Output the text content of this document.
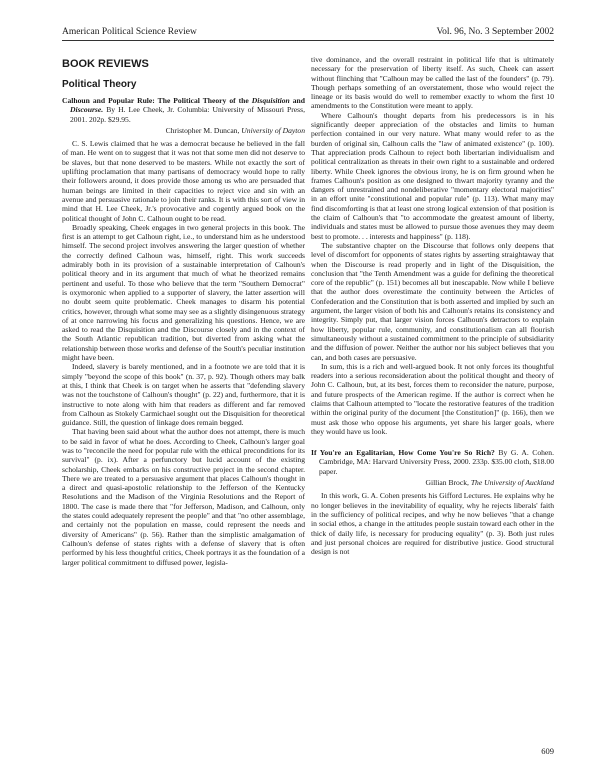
American Political Science Review	Vol. 96, No. 3 September 2002
BOOK REVIEWS
Political Theory
Calhoun and Popular Rule: The Political Theory of the Disquisition and Discourse. By H. Lee Cheek, Jr. Columbia: University of Missouri Press, 2001. 202p. $29.95.
Christopher M. Duncan, University of Dayton

C. S. Lewis claimed that he was a democrat because he believed in the fall of man. He went on to suggest that it was not that some men did not deserve to be slaves, but that none deserved to be masters. While not exactly the sort of uplifting proclamation that many partisans of democracy would hope to rally their followers around, it does provide those among us who are persuaded that human beings are limited in their capacities to reject vice and sin with an avenue and persuasive rationale to join their ranks. It is with this sort of view in mind that H. Lee Cheek, Jr.'s provocative and cogently argued book on the political thought of John C. Calhoun ought to be read.

Broadly speaking, Cheek engages in two general projects in this book. The first is an attempt to get Calhoun right, i.e., to understand him as he understood himself. The second project involves answering the larger question of whether the correctly defined Calhoun was, himself, right. This work succeeds admirably both in its provision of a sustainable interpretation of Calhoun's political theory and in its argument that much of what he theorized remains pertinent and useful. To those who believe that the term "Southern Democrat" is oxymoronic when applied to a supporter of slavery, the latter assertion will no doubt seem quite problematic. Cheek manages to disarm his potential critics, however, through what some may see as a slightly disingenuous strategy of at once narrowing his focus and generalizing his questions. Hence, we are asked to read the Disquisition and the Discourse closely and in the context of the South Atlantic republican tradition, but diverted from asking what the relationship between those works and defense of the South's peculiar institution might have been.

Indeed, slavery is barely mentioned, and in a footnote we are told that it is simply "beyond the scope of this book" (n. 37, p. 92). Though others may balk at this, I think that Cheek is on target when he asserts that "defending slavery was not the touchstone of Calhoun's thought" (p. 22) and, furthermore, that it is instructive to note along with him that readers as different and far removed from Calhoun as Stokely Carmichael sought out the Disquisition for theoretical guidance. Still, the question of linkage does remain begged.

That having been said about what the author does not attempt, there is much to be said in favor of what he does. According to Cheek, Calhoun's larger goal was to "reconcile the need for popular rule with the ethical preconditions for its survival" (p. ix). After a perfunctory but lucid account of the existing scholarship, Cheek embarks on his constructive project in the second chapter. There we are treated to a persuasive argument that places Calhoun's thought in a direct and quasi-apostolic relationship to the Jefferson of the Kentucky Resolutions and the Madison of the Virginia Resolutions and the Report of 1800. The case is made there that "for Jefferson, Madison, and Calhoun, only the states could adequately represent the people" and that "no other assemblage, and certainly not the population en masse, could represent the needs and diversity of Americans" (p. 56). Rather than the simplistic amalgamation of Calhoun's defense of states rights with a defense of slavery that is often performed by his less thoughtful critics, Cheek portrays it as the foundation of a larger political commitment to diffused power, legisla-

tive dominance, and the overall restraint in political life that is ultimately necessary for the preservation of liberty itself. As such, Cheek can assert without flinching that "Calhoun may be called the last of the founders" (p. 79). Though perhaps something of an overstatement, those who would reject the lineage or its basis would do well to remember exactly to whom the first 10 amendments to the Constitution were meant to apply.

Where Calhoun's thought departs from his predecessors is in his significantly deeper appreciation of the obstacles and limits to human perfection contained in our very nature. What many would refer to as the burden of original sin, Calhoun calls the "law of animated existence" (p. 100). That appreciation prods Calhoun to reject both libertarian individualism and political centralization as threats in their own right to a sustainable and ordered liberty. While Cheek ignores the obvious irony, he is on firm ground when he frames Calhoun's position as one designed to thwart majority tyranny and the dangers of unrestrained and nondeliberative "momentary electoral majorities" in an effort unite "constitutional and popular rule" (p. 113). What many may find discomforting is that at least one strong logical extension of that position is the claim of Calhoun's that "to accommodate the greatest amount of liberty, individuals and states must be allowed to pursue those avenues they may deem best to promote. . . interests and happiness" (p. 118).

The substantive chapter on the Discourse that follows only deepens that level of discomfort for opponents of states rights by asserting straightaway that when the Discourse is read properly and in light of the Disquisition, the conclusion that "the Tenth Amendment was a guide for defining the theoretical core of the republic" (p. 151) becomes all but inescapable. Now while I believe that the author does overestimate the continuity between the Articles of Confederation and the Constitution that is both asserted and implied by such an argument, the larger vision of both his and Calhoun's retains its consistency and integrity. Simply put, that larger vision forces Calhoun's detractors to explain how liberty, popular rule, community, and constitutionalism can all flourish simultaneously without a sustained commitment to the principle of subsidiarity and the diffusion of power. Neither the author nor his subject believes that you can, and both cases are persuasive.

In sum, this is a rich and well-argued book. It not only forces its thoughtful readers into a serious reconsideration about the political thought and theory of John C. Calhoun, but, at its best, forces them to reconsider the nature, purpose, and future prospects of the American regime. If the author is correct when he claims that Calhoun attempted to "locate the restorative features of the tradition within the original purity of the document [the Constitution]" (p. 166), then we must ask those who oppose his arguments, yet share his larger goals, where they would have us look.

If You're an Egalitarian, How Come You're So Rich? By G. A. Cohen. Cambridge, MA: Harvard University Press, 2000. 233p. $35.00 cloth, $18.00 paper.
Gillian Brock, The University of Auckland

In this work, G. A. Cohen presents his Gifford Lectures. He explains why he no longer believes in the inevitability of equality, why he rejects liberals' faith in the sufficiency of political recipes, and why he now believes "that a change in social ethos, a change in the attitudes people sustain toward each other in the thick of daily life, is necessary for producing equality" (p. 3). Both just rules and just personal choices are required for distributive justice. Good structural design is not

609
